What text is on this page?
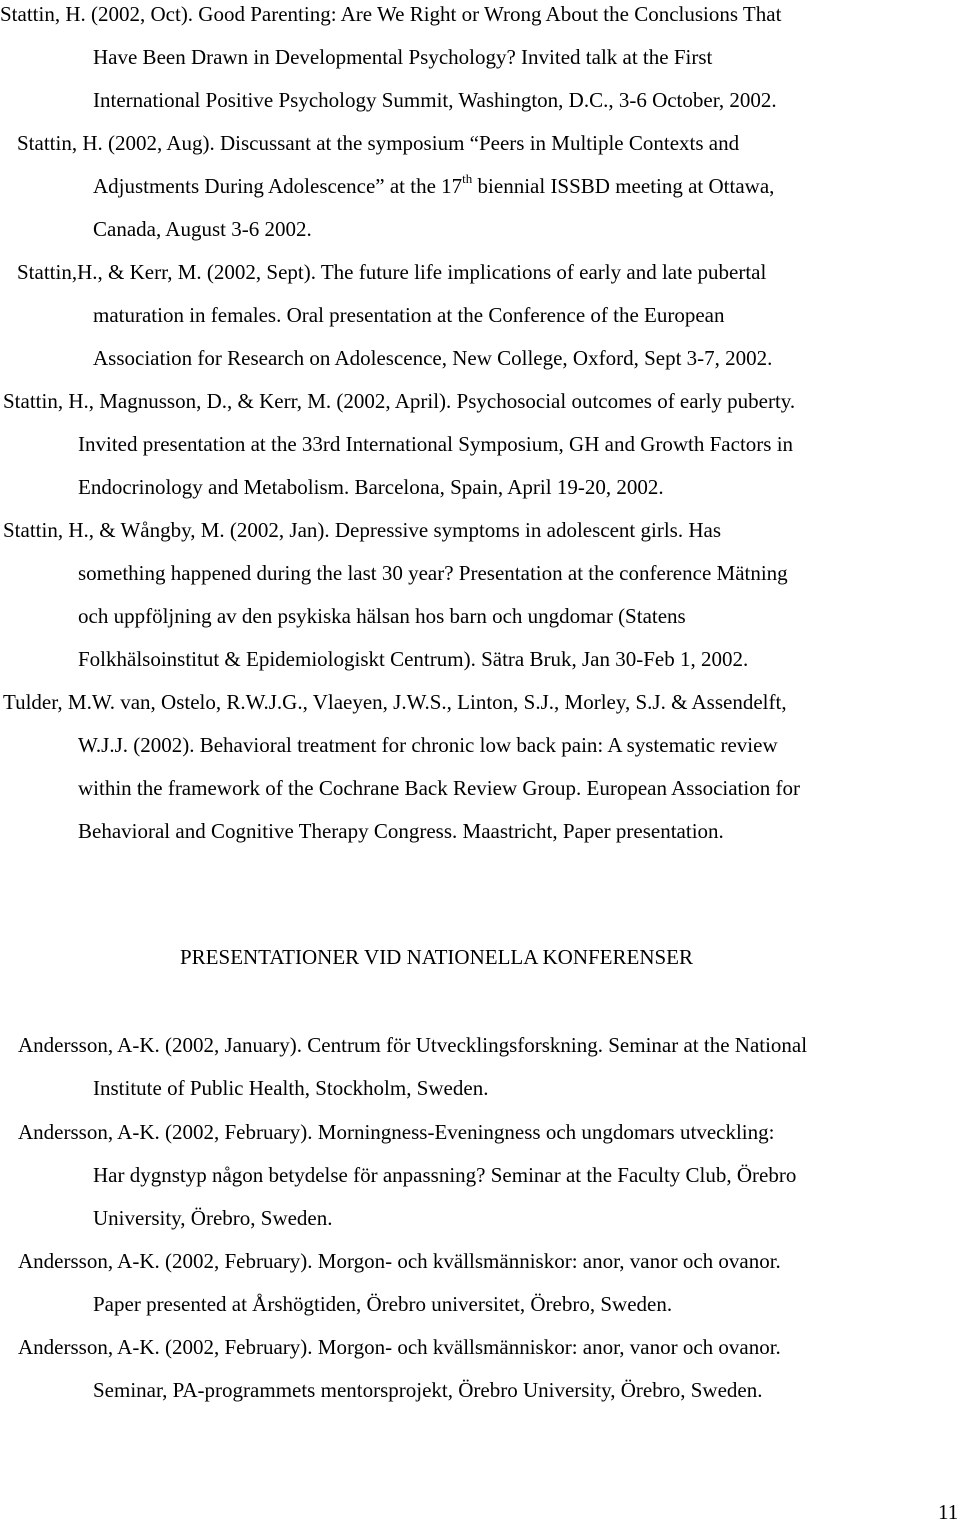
Stattin, H. (2002, Oct). Good Parenting: Are We Right or Wrong About the Conclusions That
Have Been Drawn in Developmental Psychology? Invited talk at the First
International Positive Psychology Summit, Washington, D.C., 3-6 October, 2002.
Stattin, H. (2002, Aug). Discussant at the symposium “Peers in Multiple Contexts and
Adjustments During Adolescence” at the 17th biennial ISSBD meeting at Ottawa,
Canada, August 3-6 2002.
Stattin,H., & Kerr, M. (2002, Sept). The future life implications of early and late pubertal
maturation in females. Oral presentation at the Conference of the European
Association for Research on Adolescence, New College, Oxford, Sept 3-7, 2002.
Stattin, H., Magnusson, D., & Kerr, M. (2002, April). Psychosocial outcomes of early puberty.
Invited presentation at the 33rd International Symposium, GH and Growth Factors in
Endocrinology and Metabolism. Barcelona, Spain, April 19-20, 2002.
Stattin, H., & Wångby, M. (2002, Jan). Depressive symptoms in adolescent girls. Has
something happened during the last 30 year? Presentation at the conference Mätning
och uppföljning av den psykiska hälsan hos barn och ungdomar (Statens
Folkhälsoinstitut & Epidemiologiskt Centrum). Sätra Bruk, Jan 30-Feb 1, 2002.
Tulder, M.W. van, Ostelo, R.W.J.G., Vlaeyen, J.W.S., Linton, S.J., Morley, S.J. & Assendelft,
W.J.J. (2002). Behavioral treatment for chronic low back pain: A systematic review
within the framework of the Cochrane Back Review Group. European Association for
Behavioral and Cognitive Therapy Congress. Maastricht, Paper presentation.
PRESENTATIONER VID NATIONELLA KONFERENSER
Andersson, A-K. (2002, January). Centrum för Utvecklingsforskning. Seminar at the National
Institute of Public Health, Stockholm, Sweden.
Andersson, A-K. (2002, February). Morningness-Eveningness och ungdomars utveckling:
Har dygnstyp någon betydelse för anpassning? Seminar at the Faculty Club, Örebro
University, Örebro, Sweden.
Andersson, A-K. (2002, February). Morgon- och kvällsmänniskor: anor, vanor och ovanor.
Paper presented at Årshögtiden, Örebro universitet, Örebro, Sweden.
Andersson, A-K. (2002, February). Morgon- och kvällsmänniskor: anor, vanor och ovanor.
Seminar, PA-programmets mentorsprojekt, Örebro University, Örebro, Sweden.
11
